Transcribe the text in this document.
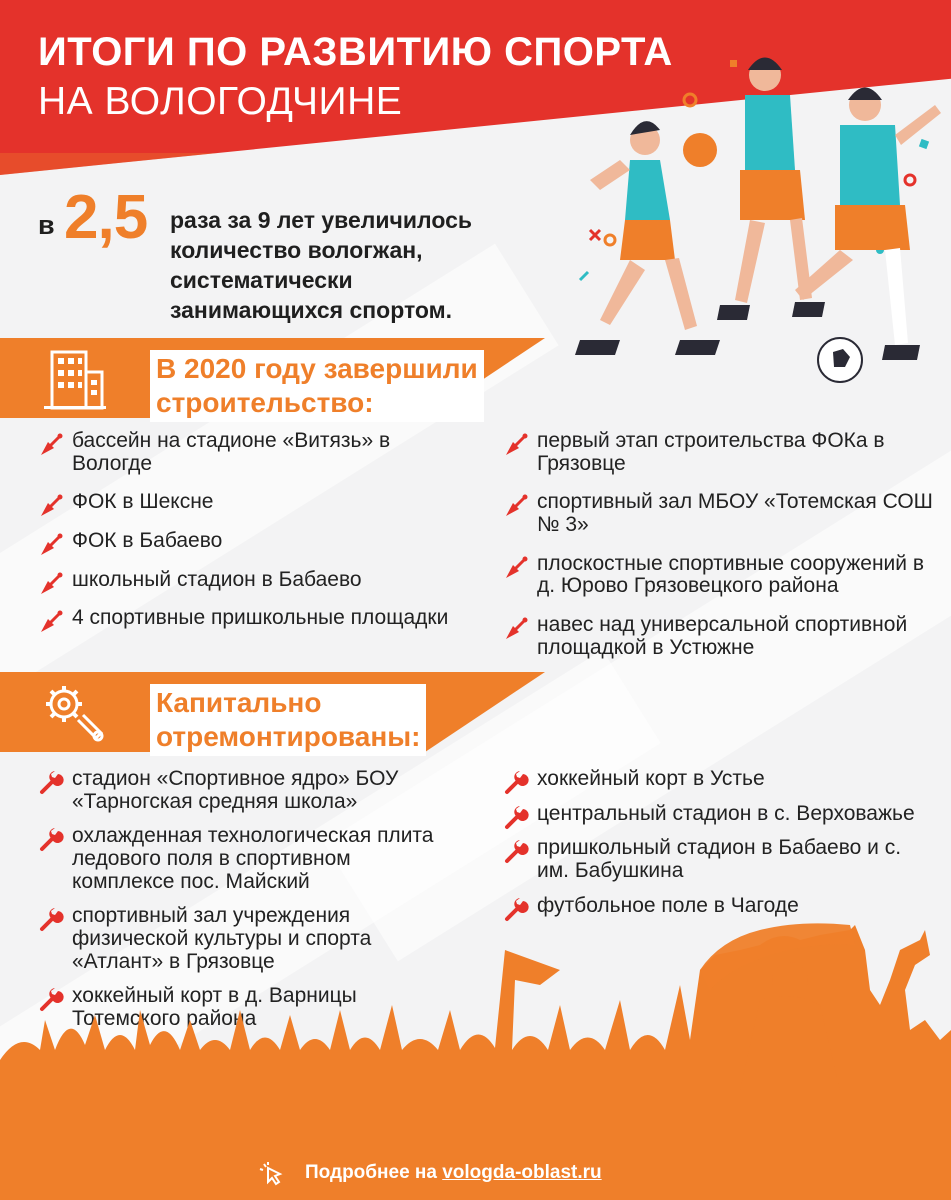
ИТОГИ ПО РАЗВИТИЮ СПОРТА
НА ВОЛОГОДЧИНЕ
в 2,5 раза за 9 лет увеличилось количество вологжан, систематически занимающихся спортом.
В 2020 году завершили
строительство:
бассейн на стадионе «Витязь» в Вологде
ФОК в Шексне
ФОК в Бабаево
школьный стадион в Бабаево
4 спортивные пришкольные площадки
первый этап строительства ФОКа в Грязовце
спортивный зал МБОУ «Тотемская СОШ № 3»
плоскостные спортивные сооружений в д. Юрово Грязовецкого района
навес над универсальной спортивной площадкой в Устюжне
Капитально
отремонтированы:
стадион «Спортивное ядро» БОУ «Тарногская средняя школа»
охлажденная технологическая плита ледового поля в спортивном комплексе пос. Майский
спортивный зал учреждения физической культуры и спорта «Атлант» в Грязовце
хоккейный корт в д. Варницы Тотемского района
хоккейный корт в Устье
центральный стадион в с. Верховажье
пришкольный стадион в Бабаево и с. им. Бабушкина
футбольное поле в Чагоде
Подробнее на vologda-oblast.ru
